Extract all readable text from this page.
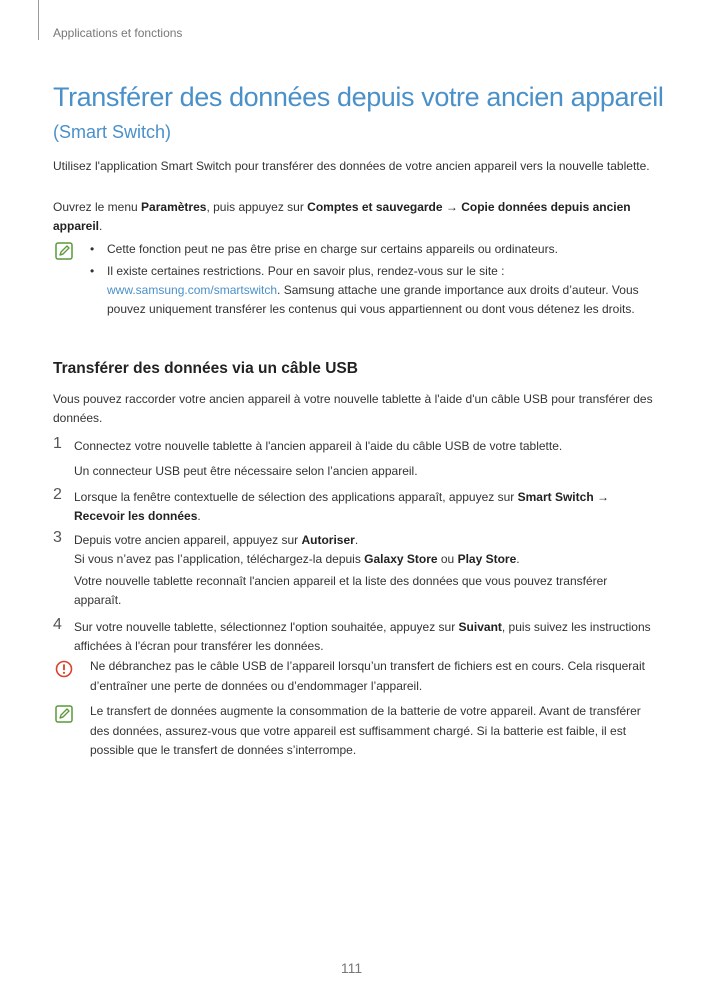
Applications et fonctions
Transférer des données depuis votre ancien appareil
(Smart Switch)
Utilisez l'application Smart Switch pour transférer des données de votre ancien appareil vers la nouvelle tablette.
Ouvrez le menu Paramètres, puis appuyez sur Comptes et sauvegarde → Copie données depuis ancien appareil.
• Cette fonction peut ne pas être prise en charge sur certains appareils ou ordinateurs.
• Il existe certaines restrictions. Pour en savoir plus, rendez-vous sur le site : www.samsung.com/smartswitch. Samsung attache une grande importance aux droits d’auteur. Vous pouvez uniquement transférer les contenus qui vous appartiennent ou dont vous détenez les droits.
Transférer des données via un câble USB
Vous pouvez raccorder votre ancien appareil à votre nouvelle tablette à l'aide d'un câble USB pour transférer des données.
1 Connectez votre nouvelle tablette à l'ancien appareil à l'aide du câble USB de votre tablette.

Un connecteur USB peut être nécessaire selon l’ancien appareil.

2 Lorsque la fenêtre contextuelle de sélection des applications apparaît, appuyez sur Smart Switch → Recevoir les données.

3 Depuis votre ancien appareil, appuyez sur Autoriser.

Si vous n’avez pas l’application, téléchargez-la depuis Galaxy Store ou Play Store.

Votre nouvelle tablette reconnaît l'ancien appareil et la liste des données que vous pouvez transférer apparaît.

4 Sur votre nouvelle tablette, sélectionnez l'option souhaitée, appuyez sur Suivant, puis suivez les instructions affichées à l'écran pour transférer les données.

Ne débranchez pas le câble USB de l’appareil lorsqu’un transfert de fichiers est en cours. Cela risquerait d’entraîner une perte de données ou d’endommager l’appareil.
Le transfert de données augmente la consommation de la batterie de votre appareil. Avant de transférer des données, assurez-vous que votre appareil est suffisamment chargé. Si la batterie est faible, il est possible que le transfert de données s’interrompe.
111
